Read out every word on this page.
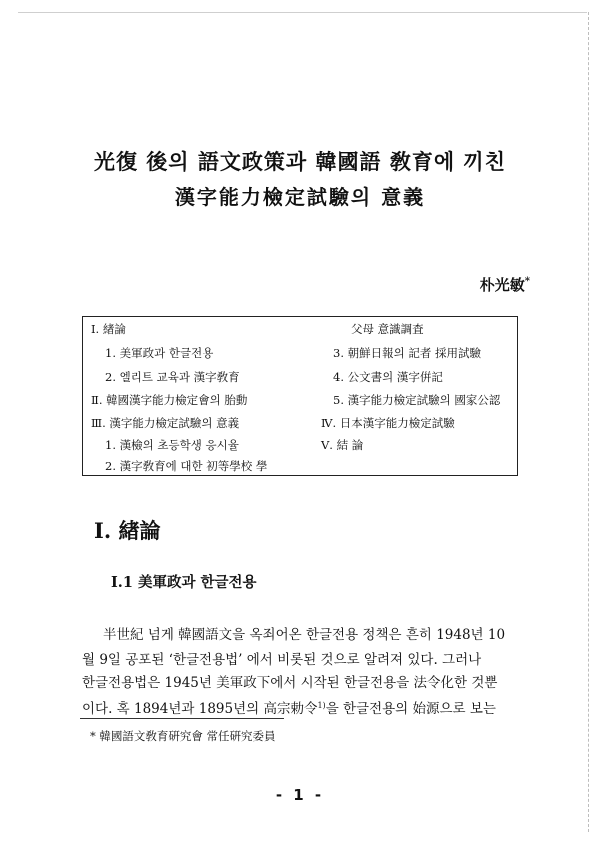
光復 後의 語文政策과 韓國語 敎育에 끼친
漢字能力檢定試驗의 意義
朴光敏*
Ⅰ. 緖論
1. 美軍政과 한글전용
2. 엘리트 교육과 漢字敎育
Ⅱ. 韓國漢字能力檢定會의 胎動
Ⅲ. 漢字能力檢定試驗의 意義
1. 漢檢의 초등학생 응시율
2. 漢字敎育에 대한 初等學校 學
父母 意識調査
3. 朝鮮日報의 記者 採用試驗
4. 公文書의 漢字倂記
5. 漢字能力檢定試驗의 國家公認
Ⅳ. 日本漢字能力檢定試驗
Ⅴ. 結 論
Ⅰ. 緖論
Ⅰ.1 美軍政과 한글전용
半世紀 넘게 韓國語文을 옥죄어온 한글전용 정책은 흔히 1948년 10
월 9일 공포된 ‘한글전용법’ 에서 비롯된 것으로 알려져 있다. 그러나
한글전용법은 1945년 美軍政下에서 시작된 한글전용을 法令化한 것뿐
이다. 혹 1894년과 1895년의 高宗勅令$^{1)}$을 한글전용의 始源으로 보는
* 韓國語文敎育硏究會 常任硏究委員
- 1 -
